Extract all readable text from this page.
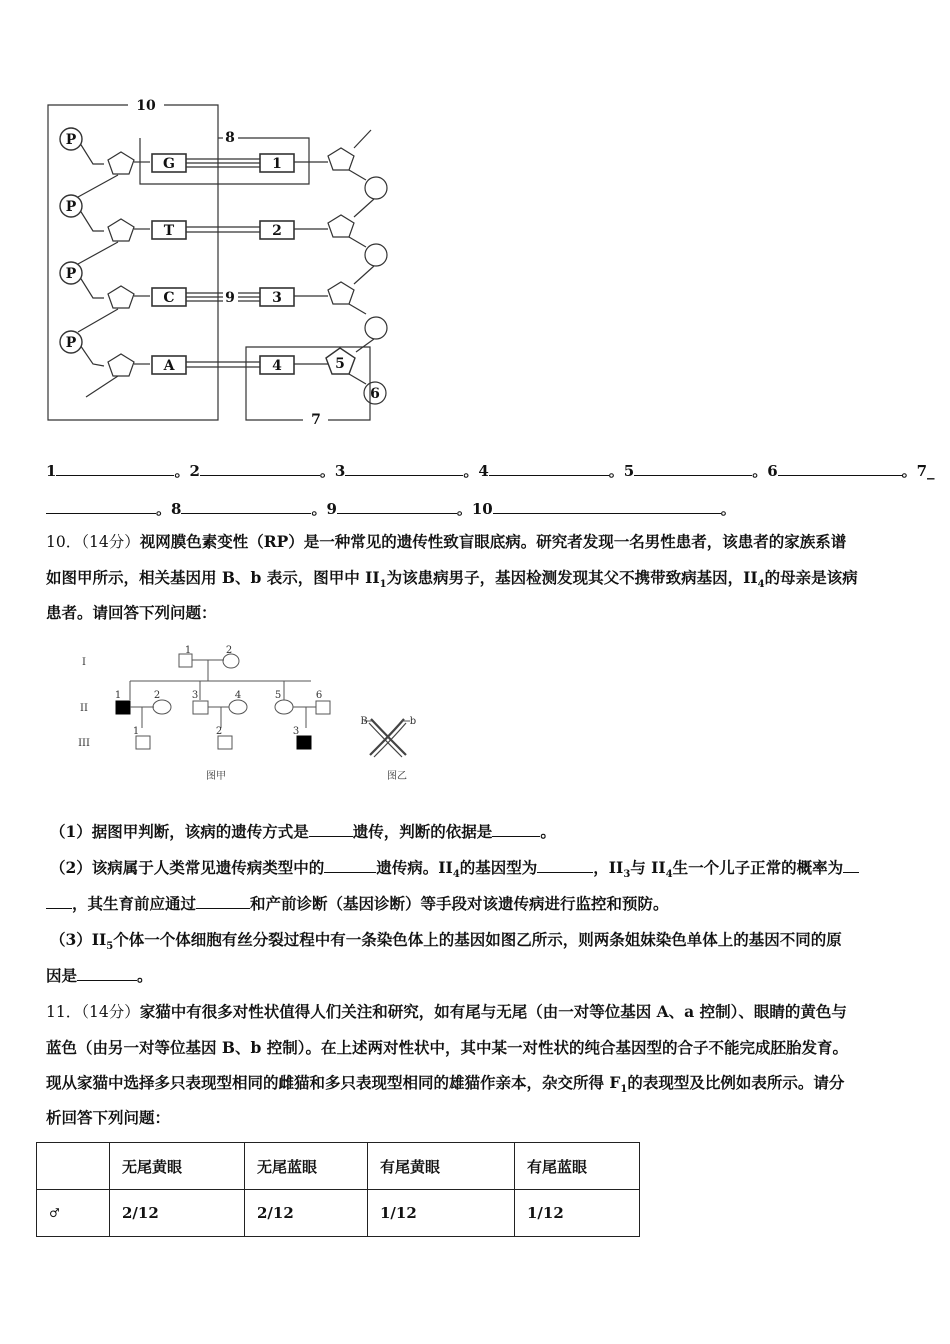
P
P
P
P
G
T
C
A
1
2
3
4	5
6
7
8
9
10
1	。2	。3	。4	。5	。6	。7_
。8	。9	。10	。
10．（14分）视网膜色素变性（RP）是一种常见的遗传性致盲眼底病。研究者发现一名男性患者，该患者的家族系谱
如图甲所示，相关基因用 B、b 表示，图甲中 $II_1$为该患病男子，基因检测发现其父不携带致病基因，$II_4$的母亲是该病
患者。请回答下列问题：
I
II
III
1	2
1	2	3	4	5	6
1	2	3
图甲	图乙
B	b
（1）据图甲判断，该病的遗传方式是	遗传，判断的依据是	。
（2）该病属于人类常见遗传病类型中的	遗传病。$II_4$的基因型为	，$II_3$与 $II_4$生一个儿子正常的概率为
，其生育前应通过	和产前诊断（基因诊断）等手段对该遗传病进行监控和预防。
$(3)II_5$个体一个体细胞有丝分裂过程中有一条染色体上的基因如图乙所示，则两条姐妹染色单体上的基因不同的原
因是	。
11．（14分）家猫中有很多对性状值得人们关注和研究，如有尾与无尾（由一对等位基因 A、a 控制）、眼睛的黄色与
蓝色（由另一对等位基因 B、b 控制）。在上述两对性状中，其中某一对性状的纯合基因型的合子不能完成胚胎发育。
现从家猫中选择多只表现型相同的雌猫和多只表现型相同的雄猫作亲本，杂交所得 $F_1$的表现型及比例如表所示。请分
析回答下列问题：
	无尾黄眼	无尾蓝眼	有尾黄眼	有尾蓝眼
♂	2/12	2/12	1/12	1/12
